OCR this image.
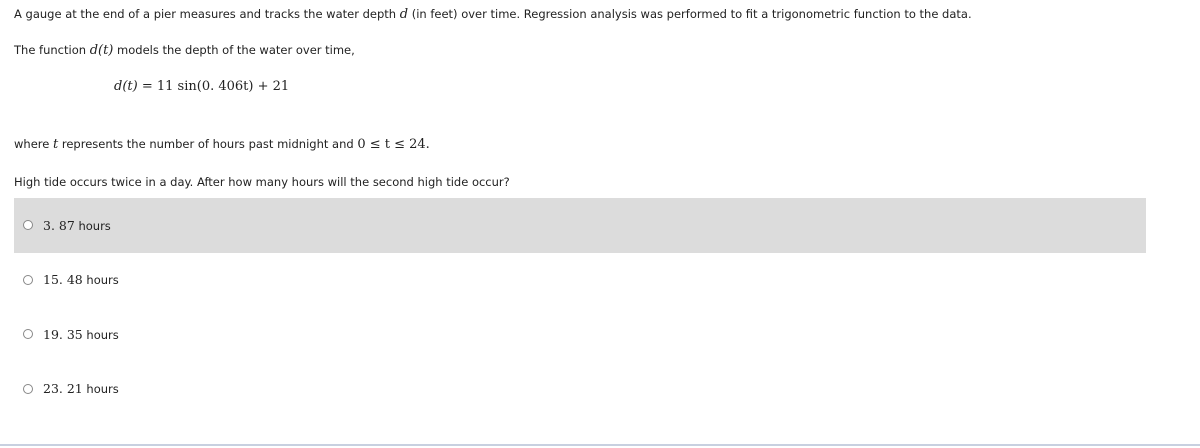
A gauge at the end of a pier measures and tracks the water depth d (in feet) over time. Regression analysis was performed to fit a trigonometric function to the data.
The function d(t) models the depth of the water over time,
d(t) = 11 sin(0. 406t) + 21
where t represents the number of hours past midnight and 0 ≤ t ≤ 24.
High tide occurs twice in a day. After how many hours will the second high tide occur?
3. 87 hours
15. 48 hours
19. 35 hours
23. 21 hours
